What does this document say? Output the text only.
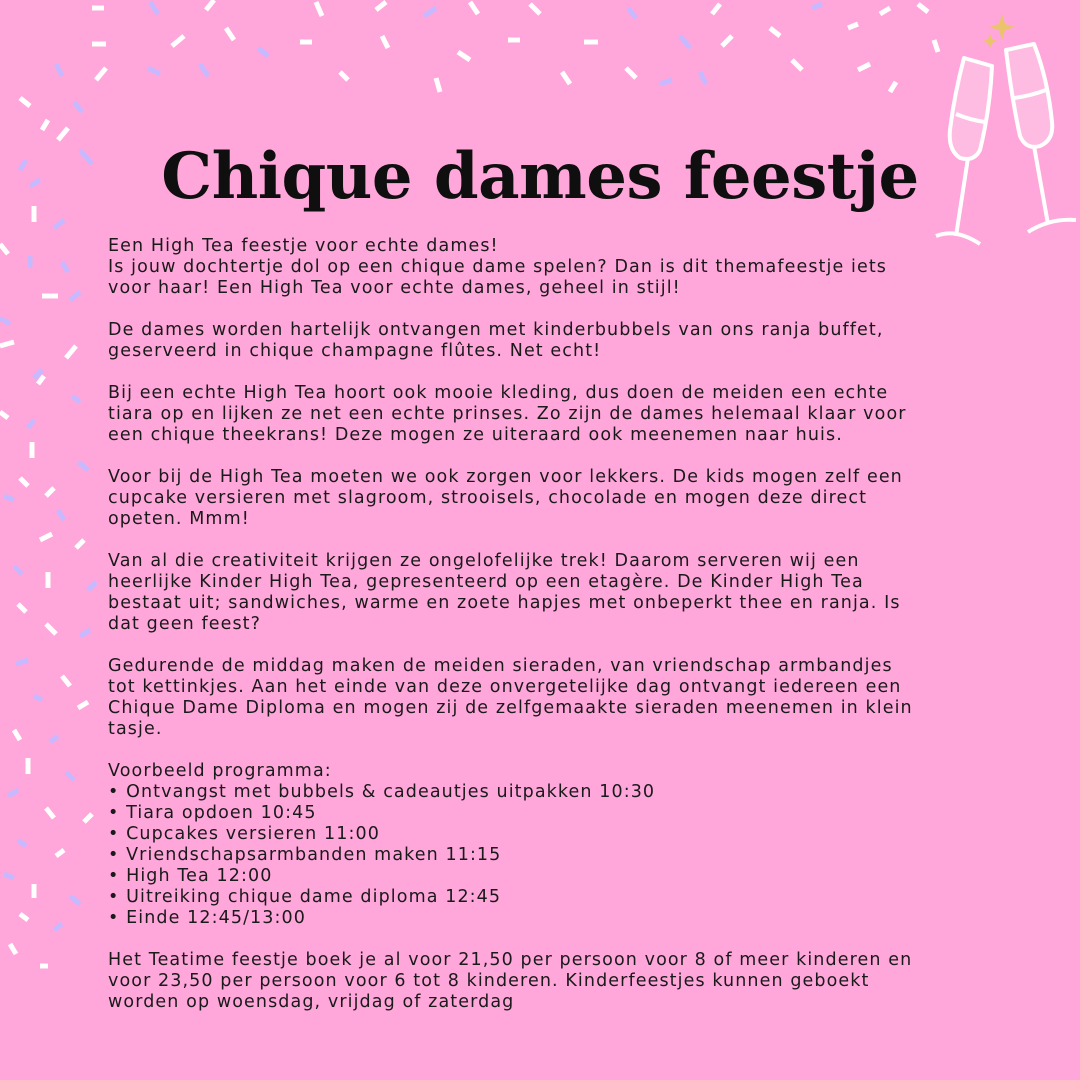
Chique dames feestje

Een High Tea feestje voor echte dames!
Is jouw dochtertje dol op een chique dame spelen? Dan is dit themafeestje iets
voor haar! Een High Tea voor echte dames, geheel in stijl!

De dames worden hartelijk ontvangen met kinderbubbels van ons ranja buffet,
geserveerd in chique champagne flûtes. Net echt!

Bij een echte High Tea hoort ook mooie kleding, dus doen de meiden een echte
tiara op en lijken ze net een echte prinses. Zo zijn de dames helemaal klaar voor
een chique theekrans! Deze mogen ze uiteraard ook meenemen naar huis.

Voor bij de High Tea moeten we ook zorgen voor lekkers. De kids mogen zelf een
cupcake versieren met slagroom, strooisels, chocolade en mogen deze direct
opeten. Mmm!

Van al die creativiteit krijgen ze ongelofelijke trek! Daarom serveren wij een
heerlijke Kinder High Tea, gepresenteerd op een etagère. De Kinder High Tea
bestaat uit; sandwiches, warme en zoete hapjes met onbeperkt thee en ranja. Is
dat geen feest?

Gedurende de middag maken de meiden sieraden, van vriendschap armbandjes
tot kettinkjes. Aan het einde van deze onvergetelijke dag ontvangt iedereen een
Chique Dame Diploma en mogen zij de zelfgemaakte sieraden meenemen in klein
tasje.

Voorbeeld programma:
• Ontvangst met bubbels & cadeautjes uitpakken 10:30
• Tiara opdoen 10:45
• Cupcakes versieren 11:00
• Vriendschapsarmbanden maken 11:15
• High Tea 12:00
• Uitreiking chique dame diploma 12:45
• Einde 12:45/13:00

Het Teatime feestje boek je al voor 21,50 per persoon voor 8 of meer kinderen en
voor 23,50 per persoon voor 6 tot 8 kinderen. Kinderfeestjes kunnen geboekt
worden op woensdag, vrijdag of zaterdag
